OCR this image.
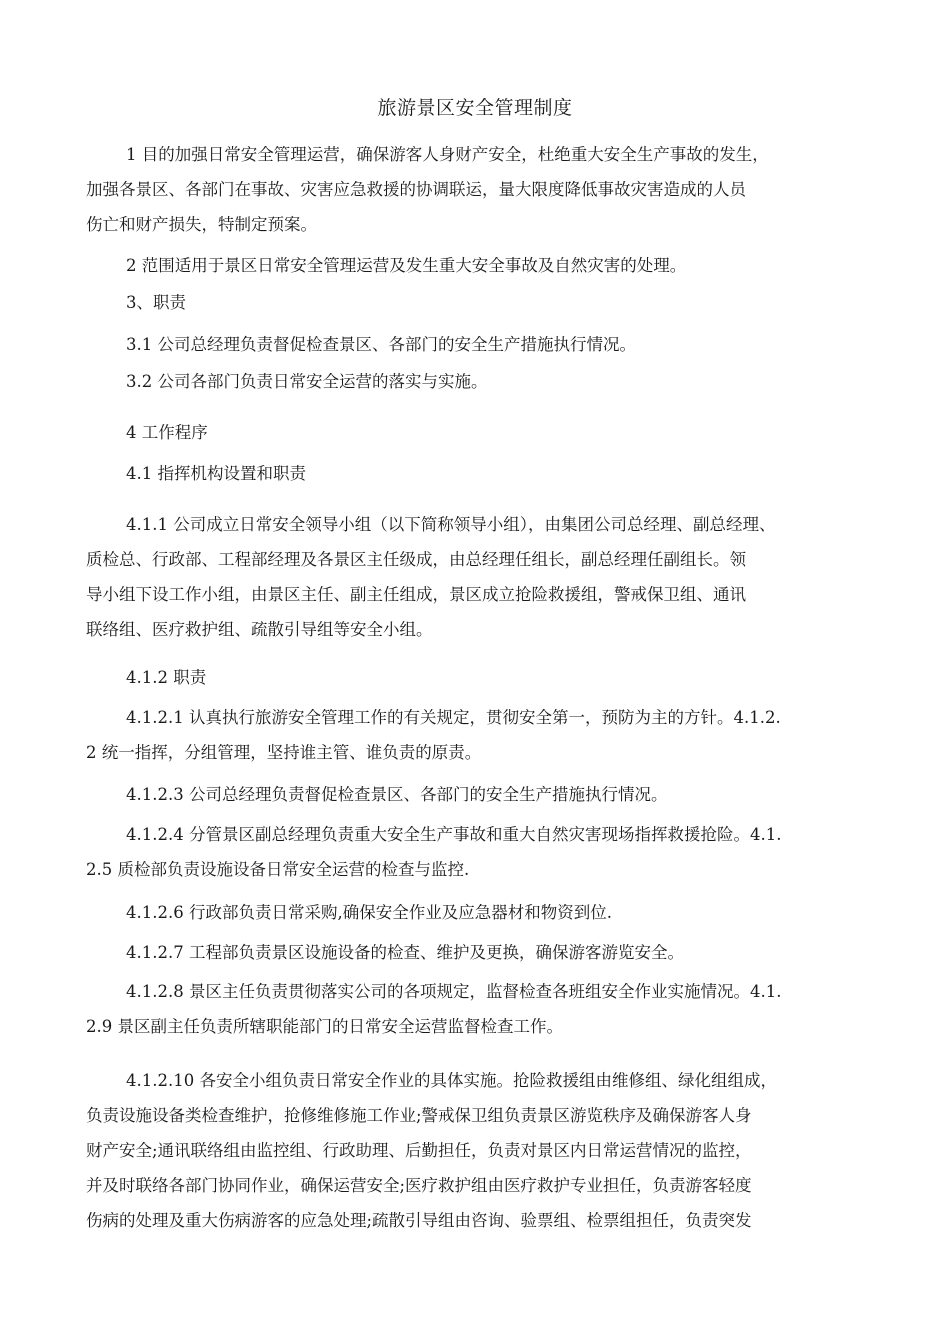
旅游景区安全管理制度
1 目的加强日常安全管理运营，确保游客人身财产安全，杜绝重大安全生产事故的发生，
加强各景区、各部门在事故、灾害应急救援的协调联运，量大限度降低事故灾害造成的人员
伤亡和财产损失，特制定预案。
2 范围适用于景区日常安全管理运营及发生重大安全事故及自然灾害的处理。
3、职责
3.1 公司总经理负责督促检查景区、各部门的安全生产措施执行情况。
3.2 公司各部门负责日常安全运营的落实与实施。
4 工作程序
4.1 指挥机构设置和职责
4.1.1 公司成立日常安全领导小组（以下简称领导小组），由集团公司总经理、副总经理、
质检总、行政部、工程部经理及各景区主任级成，由总经理任组长，副总经理任副组长。领
导小组下设工作小组，由景区主任、副主任组成，景区成立抢险救援组，警戒保卫组、通讯
联络组、医疗救护组、疏散引导组等安全小组。
4.1.2 职责
4.1.2.1 认真执行旅游安全管理工作的有关规定，贯彻安全第一，预防为主的方针。4.1.2.
2 统一指挥，分组管理，坚持谁主管、谁负责的原责。
4.1.2.3 公司总经理负责督促检查景区、各部门的安全生产措施执行情况。
4.1.2.4 分管景区副总经理负责重大安全生产事故和重大自然灾害现场指挥救援抢险。4.1.
2.5 质检部负责设施设备日常安全运营的检查与监控.
4.1.2.6 行政部负责日常采购,确保安全作业及应急器材和物资到位.
4.1.2.7 工程部负责景区设施设备的检查、维护及更换，确保游客游览安全。
4.1.2.8 景区主任负责贯彻落实公司的各项规定，监督检查各班组安全作业实施情况。4.1.
2.9 景区副主任负责所辖职能部门的日常安全运营监督检查工作。
4.1.2.10 各安全小组负责日常安全作业的具体实施。抢险救援组由维修组、绿化组组成，
负责设施设备类检查维护，抢修维修施工作业;警戒保卫组负责景区游览秩序及确保游客人身
财产安全;通讯联络组由监控组、行政助理、后勤担任，负责对景区内日常运营情况的监控，
并及时联络各部门协同作业，确保运营安全;医疗救护组由医疗救护专业担任，负责游客轻度
伤病的处理及重大伤病游客的应急处理;疏散引导组由咨询、验票组、检票组担任，负责突发
